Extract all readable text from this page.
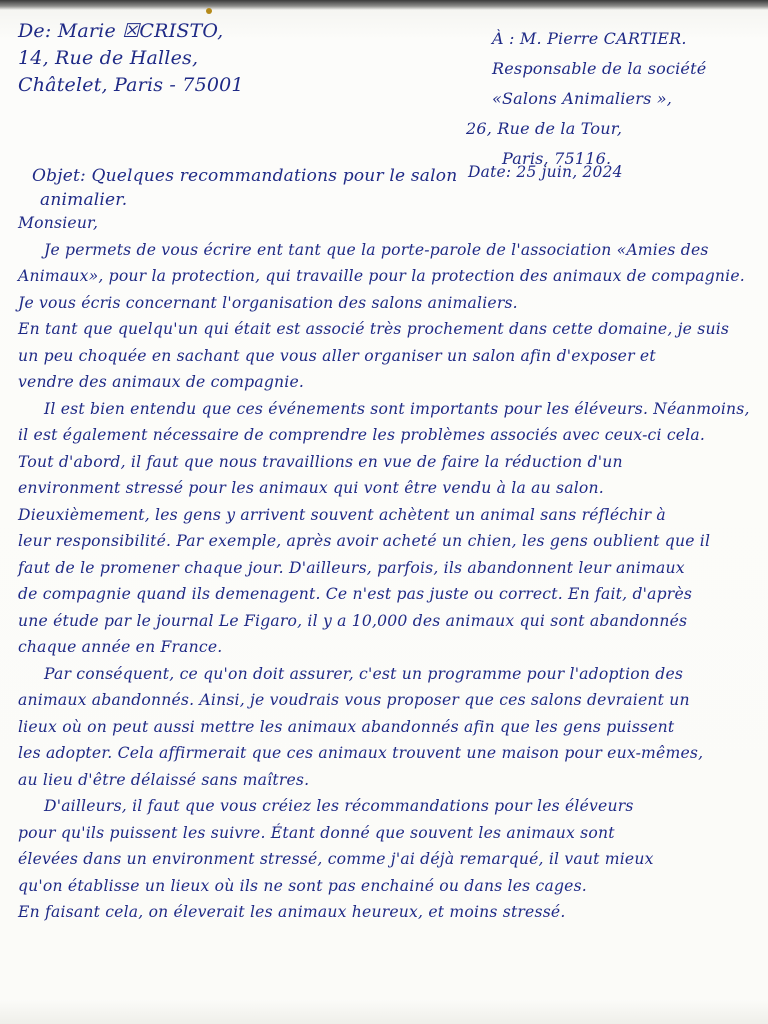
De: Marie ☒CRISTO,
14, Rue de Halles,
Châtelet, Paris - 75001
À : M. Pierre CARTIER.
Responsable de la société
«Salons Animaliers »,
26, Rue de la Tour,
Paris, 75116.
Objet: Quelques recommandations pour le salon
animalier.
Date: 25 juin, 2024
Monsieur,
Je permets de vous écrire ent tant que la porte-parole de l'association «Amies des
Animaux», pour la protection, qui travaille pour la protection des animaux de compagnie.
Je vous écris concernant l'organisation des salons animaliers.
En tant que quelqu'un qui était est associé très prochement dans cette domaine, je suis
un peu choquée en sachant que vous aller organiser un salon afin d'exposer et
vendre des animaux de compagnie.
Il est bien entendu que ces événements sont importants pour les éléveurs. Néanmoins,
il est également nécessaire de comprendre les problèmes associés avec ceux-ci cela.
Tout d'abord, il faut que nous travaillions en vue de faire la réduction d'un
environment stressé pour les animaux qui vont être vendu à la au salon.
Dieuxièmement, les gens y arrivent souvent achètent un animal sans réfléchir à
leur responsibilité. Par exemple, après avoir acheté un chien, les gens oublient que il
faut de le promener chaque jour. D'ailleurs, parfois, ils abandonnent leur animaux
de compagnie quand ils demenagent. Ce n'est pas juste ou correct. En fait, d'après
une étude par le journal Le Figaro, il y a 10,000 des animaux qui sont abandonnés
chaque année en France.
Par conséquent, ce qu'on doit assurer, c'est un programme pour l'adoption des
animaux abandonnés. Ainsi, je voudrais vous proposer que ces salons devraient un
lieux où on peut aussi mettre les animaux abandonnés afin que les gens puissent
les adopter. Cela affirmerait que ces animaux trouvent une maison pour eux-mêmes,
au lieu d'être délaissé sans maîtres.
D'ailleurs, il faut que vous créiez les récommandations pour les éléveurs
pour qu'ils puissent les suivre. Étant donné que souvent les animaux sont
élevées dans un environment stressé, comme j'ai déjà remarqué, il vaut mieux
qu'on établisse un lieux où ils ne sont pas enchainé ou dans les cages.
En faisant cela, on éleverait les animaux heureux, et moins stressé.
